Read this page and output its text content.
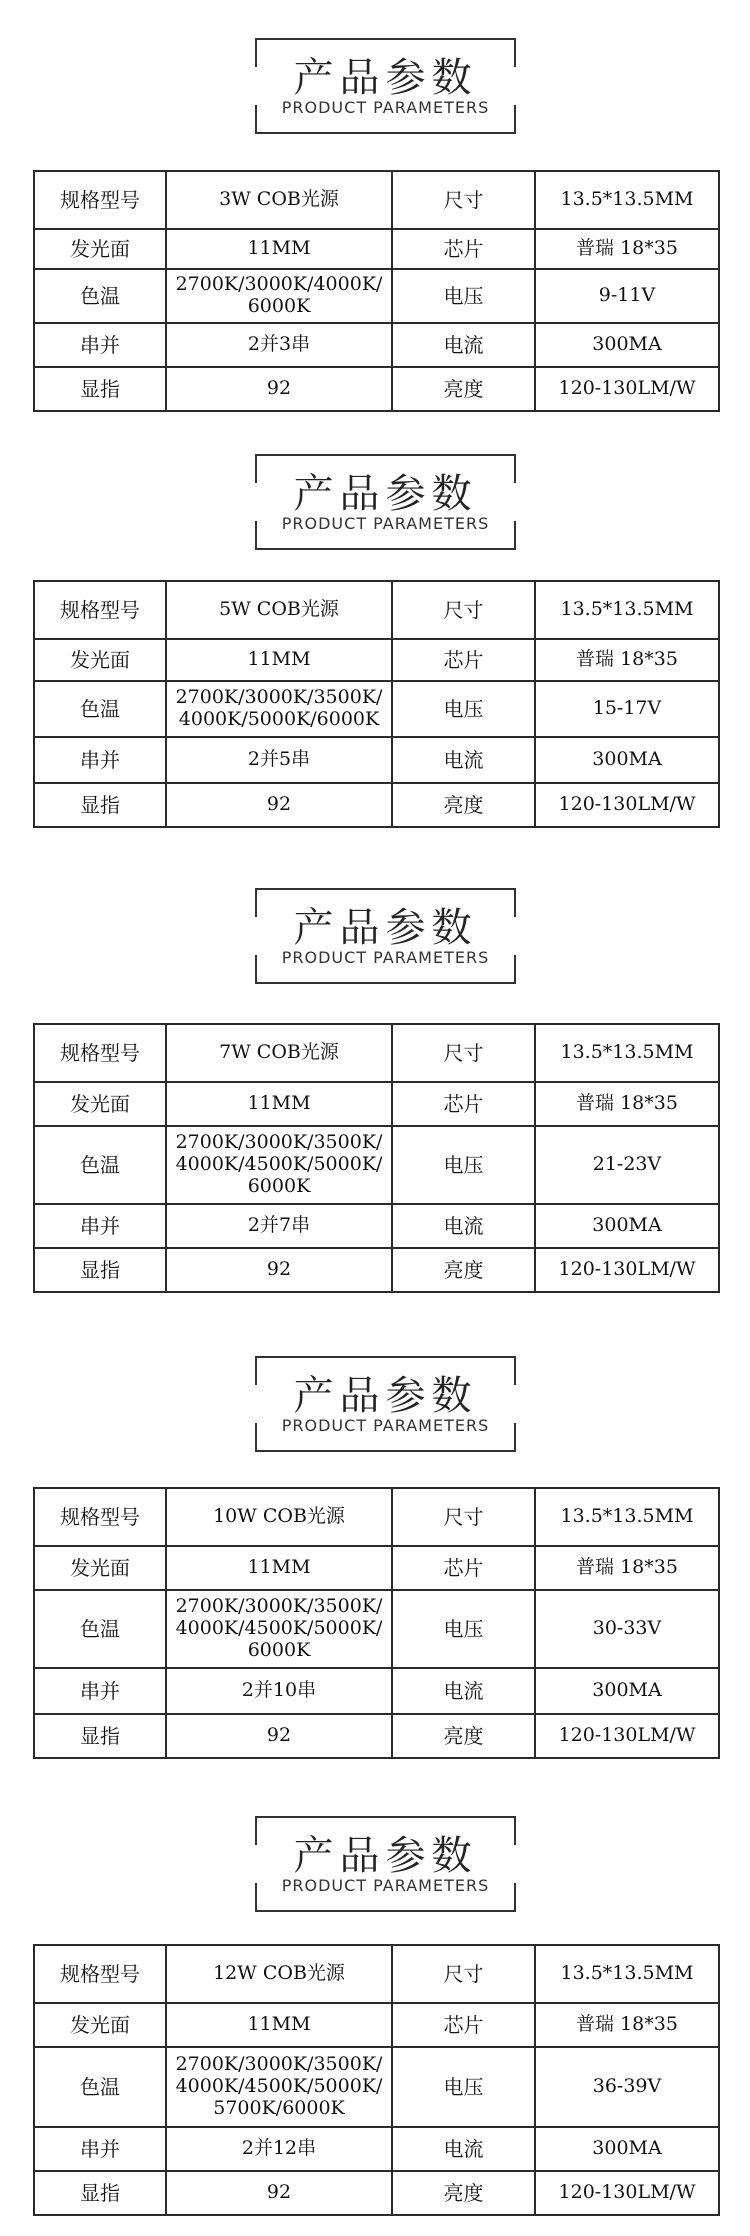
产品参数
PRODUCT PARAMETERS
规格型号	3W COB光源	尺寸	13.5*13.5MM
发光面	11MM	芯片	普瑞 18*35
色温	2700K/3000K/4000K/
6000K	电压	9-11V
串并	2并3串	电流	300MA
显指	92	亮度	120-130LM/W
产品参数
PRODUCT PARAMETERS
规格型号	5W COB光源	尺寸	13.5*13.5MM
发光面	11MM	芯片	普瑞 18*35
色温	2700K/3000K/3500K/
4000K/5000K/6000K	电压	15-17V
串并	2并5串	电流	300MA
显指	92	亮度	120-130LM/W
产品参数
PRODUCT PARAMETERS
规格型号	7W COB光源	尺寸	13.5*13.5MM
发光面	11MM	芯片	普瑞 18*35
色温	2700K/3000K/3500K/
4000K/4500K/5000K/
6000K	电压	21-23V
串并	2并7串	电流	300MA
显指	92	亮度	120-130LM/W
产品参数
PRODUCT PARAMETERS
规格型号	10W COB光源	尺寸	13.5*13.5MM
发光面	11MM	芯片	普瑞 18*35
色温	2700K/3000K/3500K/
4000K/4500K/5000K/
6000K	电压	30-33V
串并	2并10串	电流	300MA
显指	92	亮度	120-130LM/W
产品参数
PRODUCT PARAMETERS
规格型号	12W COB光源	尺寸	13.5*13.5MM
发光面	11MM	芯片	普瑞 18*35
色温	2700K/3000K/3500K/
4000K/4500K/5000K/
5700K/6000K	电压	36-39V
串并	2并12串	电流	300MA
显指	92	亮度	120-130LM/W
